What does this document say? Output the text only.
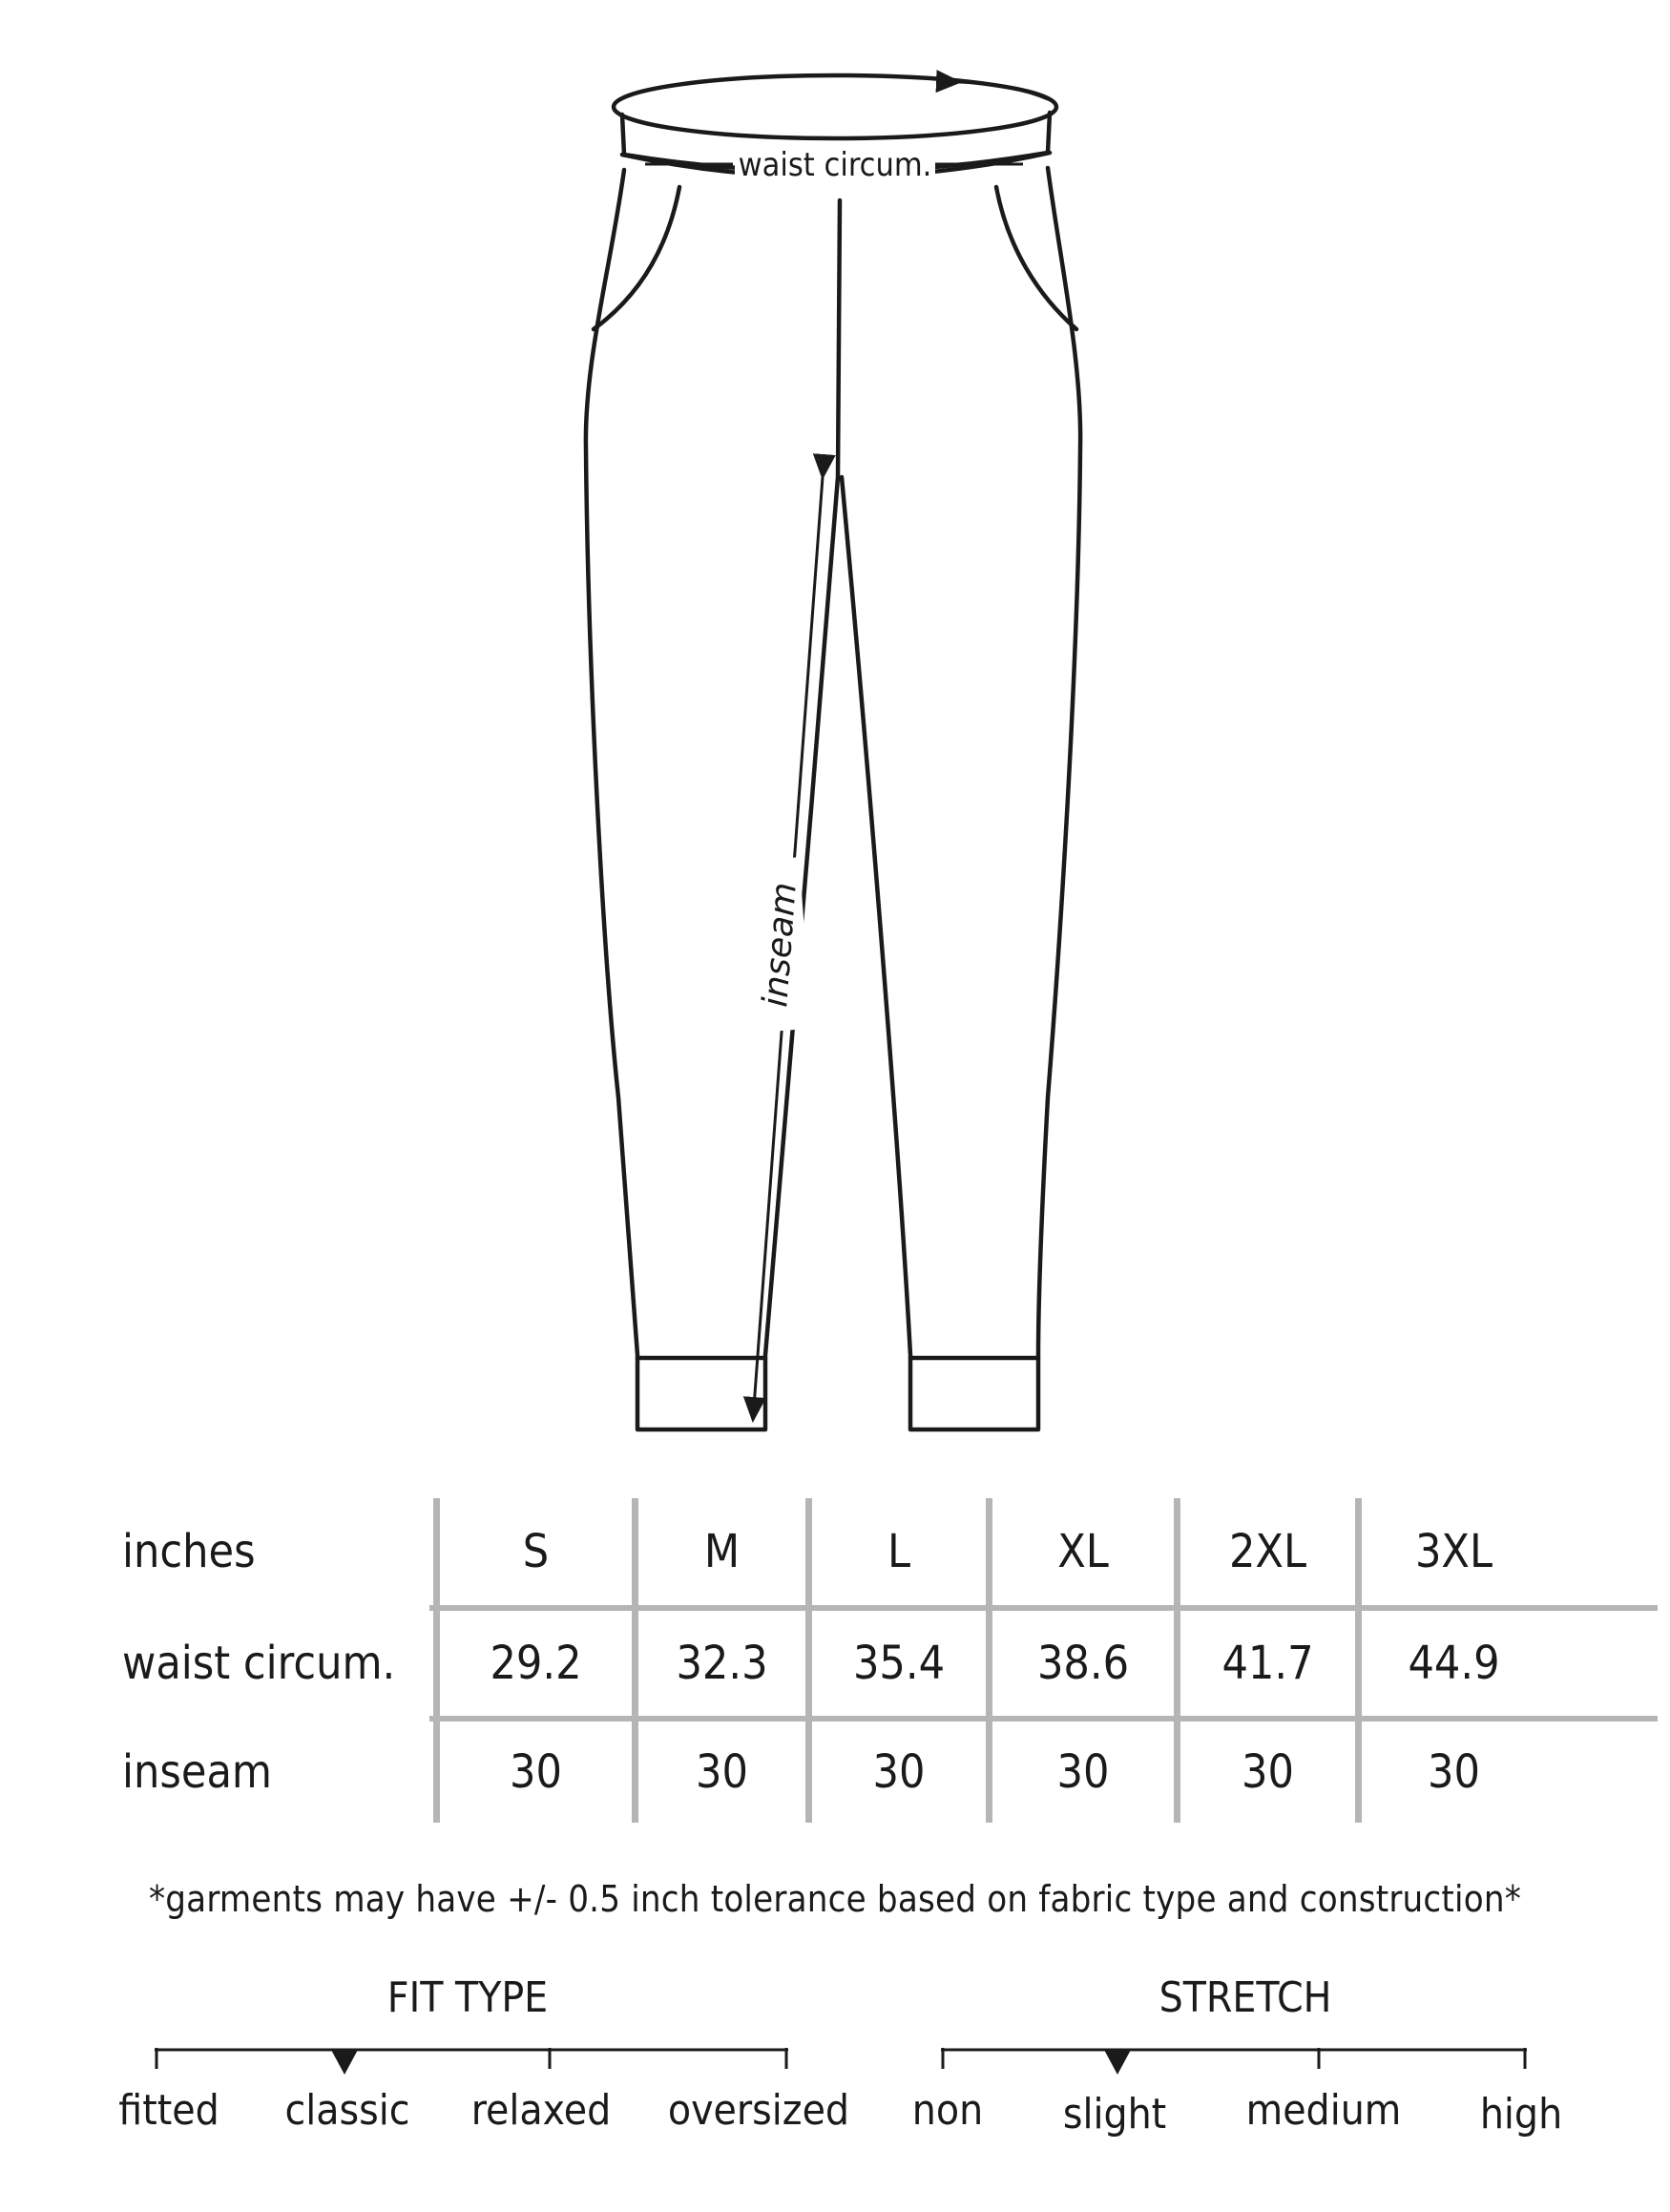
waist circum.
inseam
inches	S	M	L	XL	2XL	3XL
waist circum.	29.2	32.3	35.4	38.6	41.7	44.9
inseam	30	30	30	30	30	30
*garments may have +/- 0.5 inch tolerance based on fabric type and construction*
FIT TYPE
fitted classic relaxed oversized
STRETCH
non slight medium high
